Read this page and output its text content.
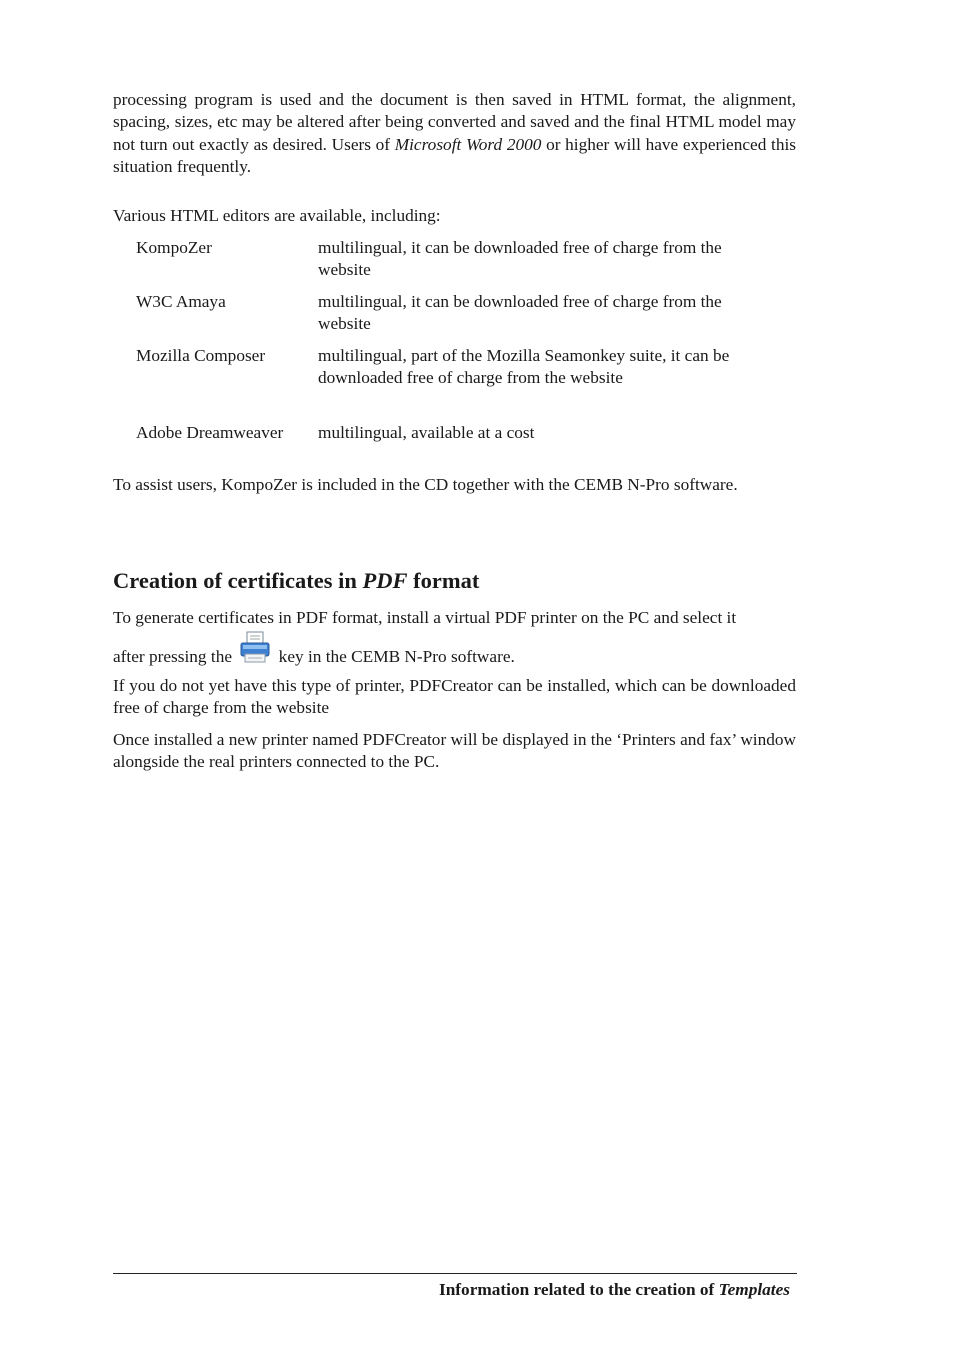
processing program is used and the document is then saved in HTML format, the alignment, spacing, sizes, etc may be altered after being converted and saved and the final HTML model may not turn out exactly as desired. Users of Microsoft Word 2000 or higher will have experienced this situation frequently.

Various HTML editors are available, including:

KompoZer	multilingual, it can be downloaded free of charge from the website
W3C Amaya	multilingual, it can be downloaded free of charge from the website
Mozilla Composer	multilingual, part of the Mozilla Seamonkey suite, it can be downloaded free of charge from the website
Adobe Dreamweaver	multilingual, available at a cost

To assist users, KompoZer is included in the CD together with the CEMB N-Pro software.

Creation of certificates in PDF format

To generate certificates in PDF format, install a virtual PDF printer on the PC and select it

after pressing the	key in the CEMB N-Pro software.

If you do not yet have this type of printer, PDFCreator can be installed, which can be downloaded free of charge from the website

Once installed a new printer named PDFCreator will be displayed in the ‘Printers and fax’ window alongside the real printers connected to the PC.

Information related to the creation of Templates
